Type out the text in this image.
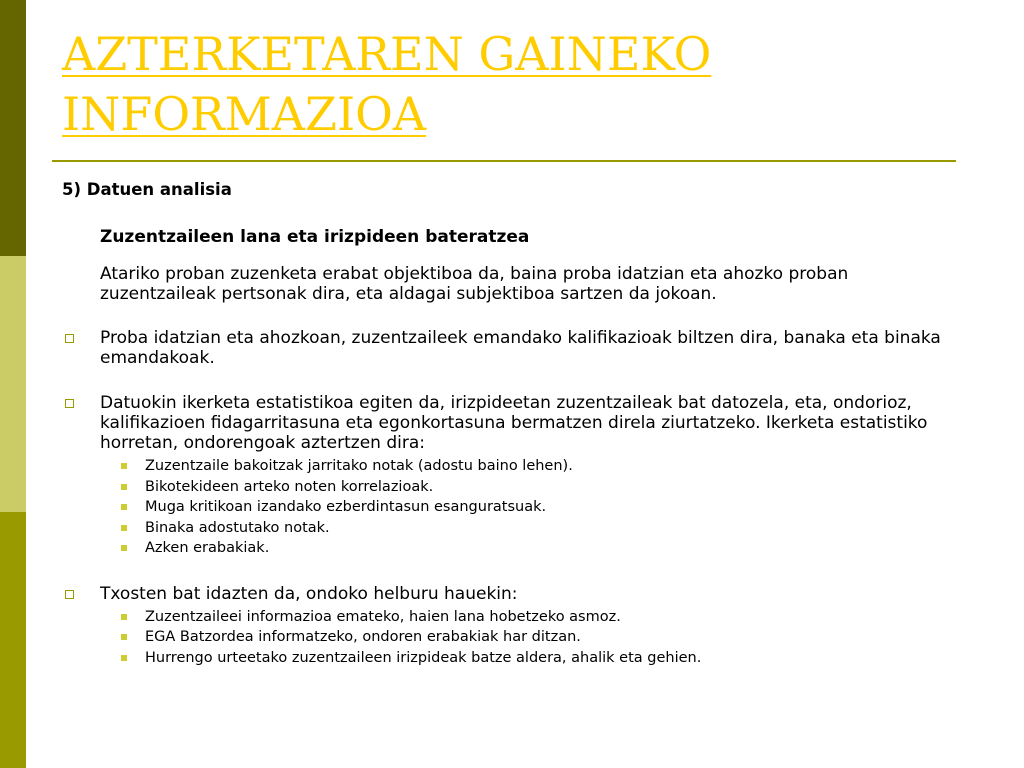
AZTERKETAREN GAINEKO INFORMAZIOA
5) Datuen analisia
Zuzentzaileen lana eta irizpideen bateratzea
Atariko proban zuzenketa erabat objektiboa da, baina proba idatzian eta ahozko proban zuzentzaileak pertsonak dira, eta aldagai subjektiboa sartzen da jokoan.
Proba idatzian eta ahozkoan, zuzentzaileek emandako kalifikazioak biltzen dira, banaka eta binaka emandakoak.
Datuokin ikerketa estatistikoa egiten da, irizpideetan zuzentzaileak bat datozela, eta, ondorioz, kalifikazioen fidagarritasuna eta egonkortasuna bermatzen direla ziurtatzeko. Ikerketa estatistiko horretan, ondorengoak aztertzen dira:
Zuzentzaile bakoitzak jarritako notak (adostu baino lehen).
Bikotekideen arteko noten korrelazioak.
Muga kritikoan izandako ezberdintasun esanguratsuak.
Binaka adostutako notak.
Azken erabakiak.
Txosten bat idazten da, ondoko helburu hauekin:
Zuzentzaileei informazioa emateko, haien lana hobetzeko asmoz.
EGA Batzordea informatzeko, ondoren erabakiak har ditzan.
Hurrengo urteetako zuzentzaileen irizpideak batze aldera, ahalik eta gehien.
